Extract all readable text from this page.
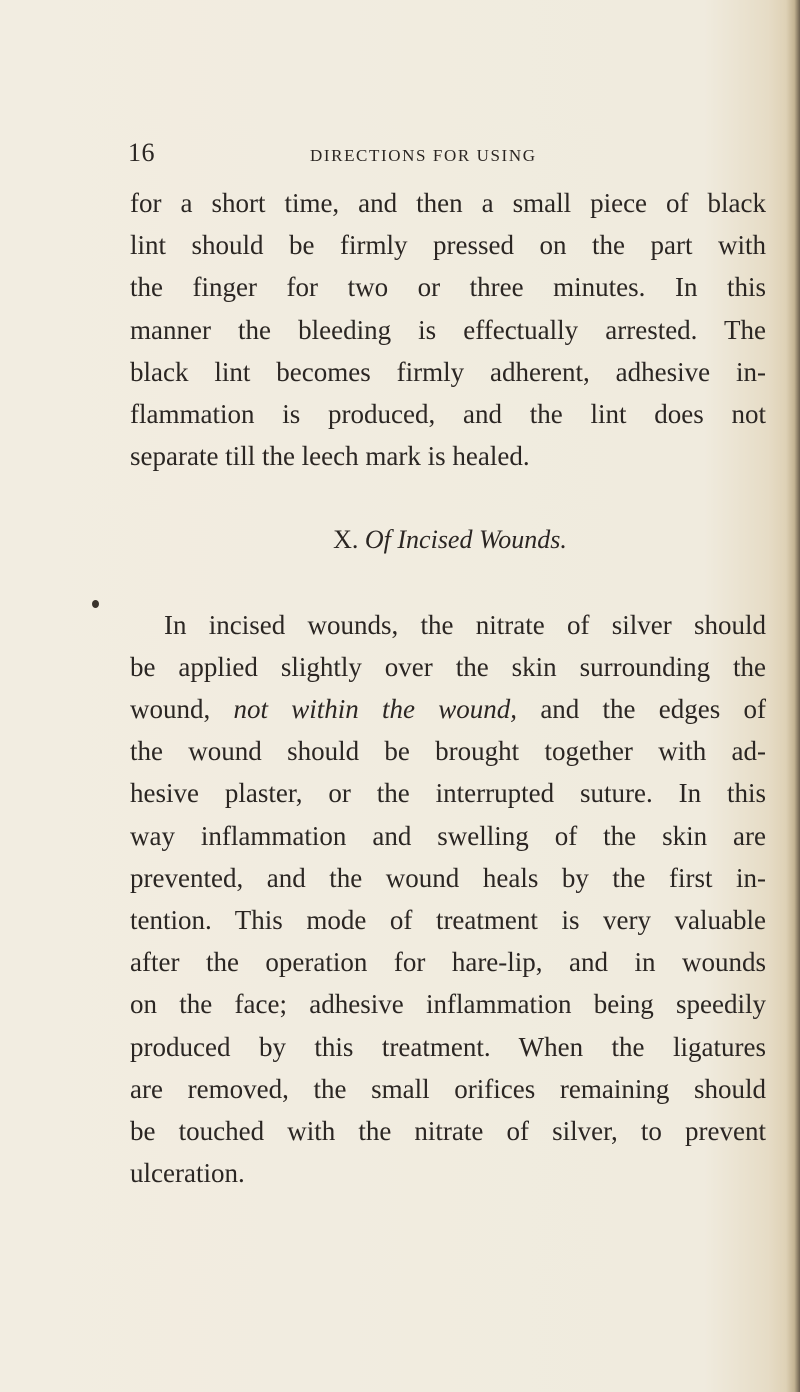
16	DIRECTIONS FOR USING
for a short time, and then a small piece of black
lint should be firmly pressed on the part with
the finger for two or three minutes. In this
manner the bleeding is effectually arrested. The
black lint becomes firmly adherent, adhesive in-
flammation is produced, and the lint does not
separate till the leech mark is healed.
X. Of Incised Wounds.
In incised wounds, the nitrate of silver should
be applied slightly over the skin surrounding the
wound, not within the wound, and the edges of
the wound should be brought together with ad-
hesive plaster, or the interrupted suture. In this
way inflammation and swelling of the skin are
prevented, and the wound heals by the first in-
tention. This mode of treatment is very valuable
after the operation for hare-lip, and in wounds
on the face; adhesive inflammation being speedily
produced by this treatment. When the ligatures
are removed, the small orifices remaining should
be touched with the nitrate of silver, to prevent
ulceration.
